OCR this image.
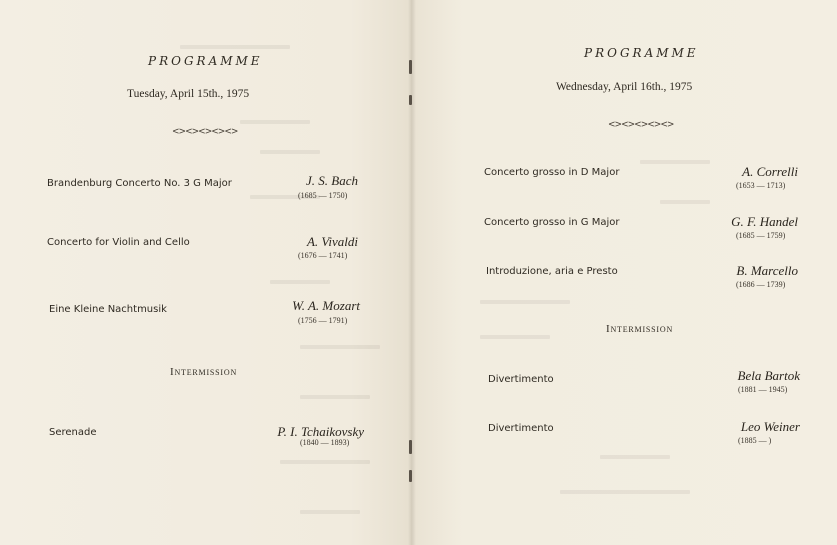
PROGRAMME
Tuesday, April 15th., 1975
<><><><><>
Brandenburg Concerto No. 3 G Major	J. S. Bach
(1685 — 1750)
Concerto for Violin and Cello	A. Vivaldi
(1676 — 1741)
Eine Kleine Nachtmusik	W. A. Mozart
(1756 — 1791)
Intermission
Serenade	P. I. Tchaikovsky
(1840 — 1893)
PROGRAMME
Wednesday, April 16th., 1975
<><><><><>
Concerto grosso in D Major	A. Correlli
(1653 — 1713)
Concerto grosso in G Major	G. F. Handel
(1685 — 1759)
Introduzione, aria e Presto	B. Marcello
(1686 — 1739)
Intermission
Divertimento	Bela Bartok
(1881 — 1945)
Divertimento	Leo Weiner
(1885 — )
